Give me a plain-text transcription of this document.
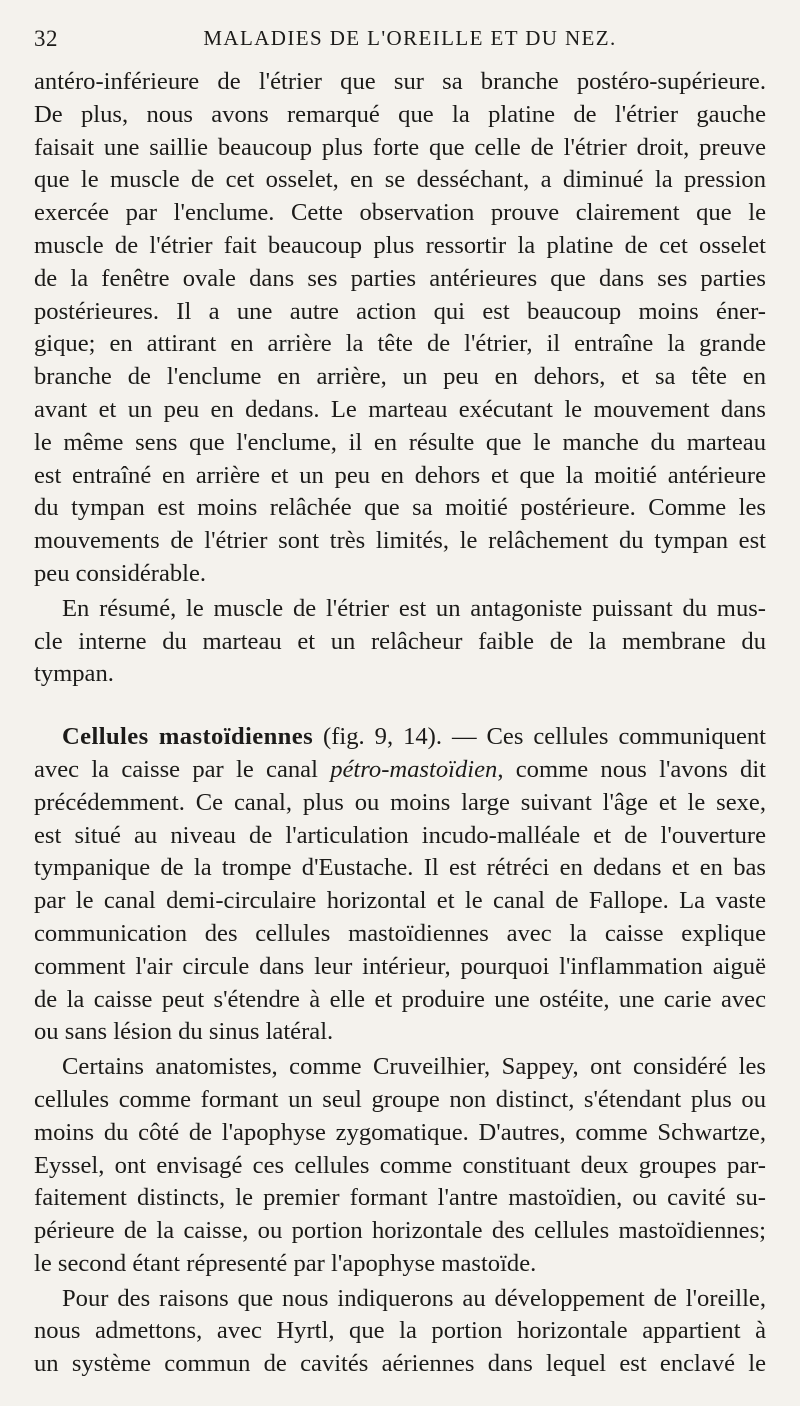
32	MALADIES DE L'OREILLE ET DU NEZ.

antéro-inférieure de l'étrier que sur sa branche postéro-supérieure.
De plus, nous avons remarqué que la platine de l'étrier gauche
faisait une saillie beaucoup plus forte que celle de l'étrier droit, preuve
que le muscle de cet osselet, en se desséchant, a diminué la pression
exercée par l'enclume. Cette observation prouve clairement que le
muscle de l'étrier fait beaucoup plus ressortir la platine de cet osselet
de la fenêtre ovale dans ses parties antérieures que dans ses parties
postérieures. Il a une autre action qui est beaucoup moins éner-
gique; en attirant en arrière la tête de l'étrier, il entraîne la grande
branche de l'enclume en arrière, un peu en dehors, et sa tête en
avant et un peu en dedans. Le marteau exécutant le mouvement dans
le même sens que l'enclume, il en résulte que le manche du marteau
est entraîné en arrière et un peu en dehors et que la moitié antérieure
du tympan est moins relâchée que sa moitié postérieure. Comme les
mouvements de l'étrier sont très limités, le relâchement du tympan est
peu considérable.

En résumé, le muscle de l'étrier est un antagoniste puissant du mus-
cle interne du marteau et un relâcheur faible de la membrane du
tympan.

Cellules mastoïdiennes (fig. 9, 14). — Ces cellules communiquent
avec la caisse par le canal pétro-mastoïdien, comme nous l'avons dit
précédemment. Ce canal, plus ou moins large suivant l'âge et le sexe,
est situé au niveau de l'articulation incudo-malléale et de l'ouverture
tympanique de la trompe d'Eustache. Il est rétréci en dedans et en bas
par le canal demi-circulaire horizontal et le canal de Fallope. La vaste
communication des cellules mastoïdiennes avec la caisse explique
comment l'air circule dans leur intérieur, pourquoi l'inflammation aiguë
de la caisse peut s'étendre à elle et produire une ostéite, une carie avec
ou sans lésion du sinus latéral.

Certains anatomistes, comme Cruveilhier, Sappey, ont considéré les
cellules comme formant un seul groupe non distinct, s'étendant plus ou
moins du côté de l'apophyse zygomatique. D'autres, comme Schwartze,
Eyssel, ont envisagé ces cellules comme constituant deux groupes par-
faitement distincts, le premier formant l'antre mastoïdien, ou cavité su-
périeure de la caisse, ou portion horizontale des cellules mastoïdiennes;
le second étant répresenté par l'apophyse mastoïde.

Pour des raisons que nous indiquerons au développement de l'oreille,
nous admettons, avec Hyrtl, que la portion horizontale appartient à
un système commun de cavités aériennes dans lequel est enclavé le
